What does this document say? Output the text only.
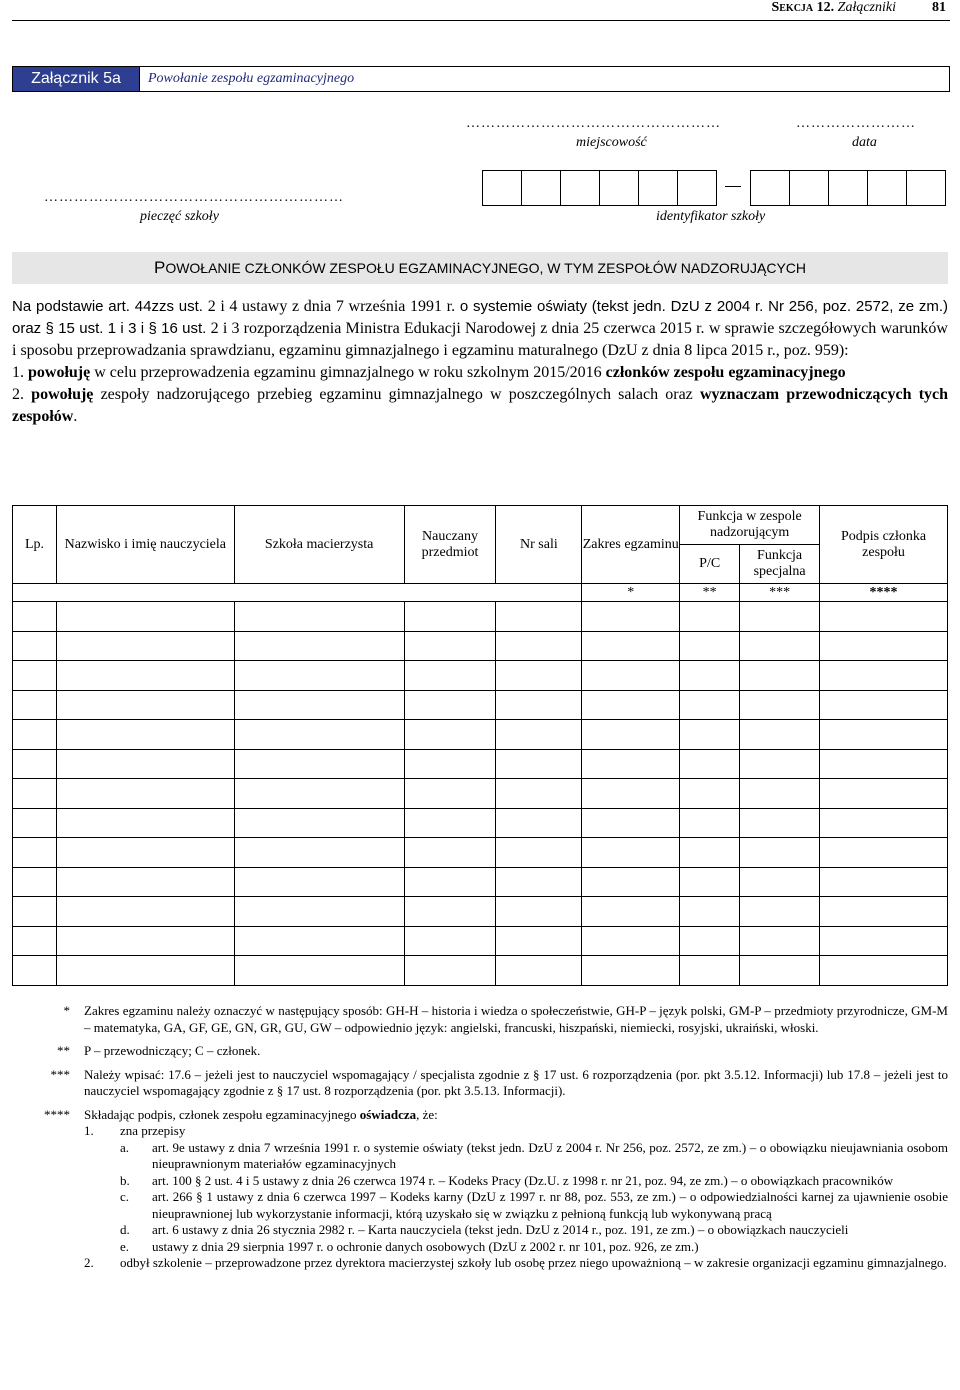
Sekcja 12. Załączniki	81
Załącznik 5a	Powołanie zespołu egzaminacyjnego
……………………………………………	……………………
miejscowość	data
……………………………………………………
pieczęć szkoły	identyfikator szkoły
P OWOŁANIE CZŁONKÓW ZESPOŁU EGZAMINACYJNEGO, W TYM ZESPOŁÓW NADZORUJĄCYCH

Na podstawie art. 44zzs ust. 2 i 4 ustawy z dnia 7 września 1991 r. o systemie oświaty (tekst jedn. DzU z 2004 r. Nr 256, poz. 2572, ze zm.) oraz § 15 ust. 1 i 3 i § 16 ust. 2 i 3 rozporządzenia Ministra Edukacji Narodowej z dnia 25 czerwca 2015 r. w sprawie szczegółowych warunków i sposobu przeprowadzania sprawdzianu, egzaminu gimnazjalnego i egzaminu maturalnego (DzU z dnia 8 lipca 2015 r., poz. 959):

1. powołuję w celu przeprowadzenia egzaminu gimnazjalnego w roku szkolnym 2015/2016 członków zespołu egzaminacyjnego

2. powołuję zespoły nadzorującego przebieg egzaminu gimnazjalnego w poszczególnych salach oraz wyznaczam przewodniczących tych zespołów.

Lp.	Nazwisko i imię nauczyciela	Szkoła macierzysta	Nauczany przedmiot	Nr sali	Zakres egzaminu	Funkcja w zespole nadzorującym		Podpis członka zespołu
						P/C	Funkcja specjalna	
					*	**	***	****

*	Zakres egzaminu należy oznaczyć w następujący sposób: GH-H – historia i wiedza o społeczeństwie, GH-P – język polski, GM-P – przedmioty przyrodnicze, GM-M – matematyka, GA, GF, GE, GN, GR, GU, GW – odpowiednio język: angielski, francuski, hiszpański, niemiecki, rosyjski, ukraiński, włoski.
**	P – przewodniczący; C – członek.
***	Należy wpisać: 17.6 – jeżeli jest to nauczyciel wspomagający / specjalista zgodnie z § 17 ust. 6 rozporządzenia (por. pkt 3.5.12. Informacji) lub 17.8 – jeżeli jest to nauczyciel wspomagający zgodnie z § 17 ust. 8 rozporządzenia (por. pkt 3.5.13. Informacji).
****	Składając podpis, członek zespołu egzaminacyjnego oświadcza, że:
1.	zna przepisy
a.	art. 9e ustawy z dnia 7 września 1991 r. o systemie oświaty (tekst jedn. DzU z 2004 r. Nr 256, poz. 2572, ze zm.) – o obowiązku nieujawniania osobom nieuprawnionym materiałów egzaminacyjnych
b.	art. 100 § 2 ust. 4 i 5 ustawy z dnia 26 czerwca 1974 r. – Kodeks Pracy (Dz.U. z 1998 r. nr 21, poz. 94, ze zm.) – o obowiązkach pracowników
c.	art. 266 § 1 ustawy z dnia 6 czerwca 1997 – Kodeks karny (DzU z 1997 r. nr 88, poz. 553, ze zm.) – o odpowiedzialności karnej za ujawnienie osobie nieuprawnionej lub wykorzystanie informacji, którą uzyskało się w związku z pełnioną funkcją lub wykonywaną pracą
d.	art. 6 ustawy z dnia 26 stycznia 2982 r. – Karta nauczyciela (tekst jedn. DzU z 2014 r., poz. 191, ze zm.) – o obowiązkach nauczycieli
e.	ustawy z dnia 29 sierpnia 1997 r. o ochronie danych osobowych (DzU z 2002 r. nr 101, poz. 926, ze zm.)
2.	odbył szkolenie – przeprowadzone przez dyrektora macierzystej szkoły lub osobę przez niego upoważnioną – w zakresie organizacji egzaminu gimnazjalnego.
